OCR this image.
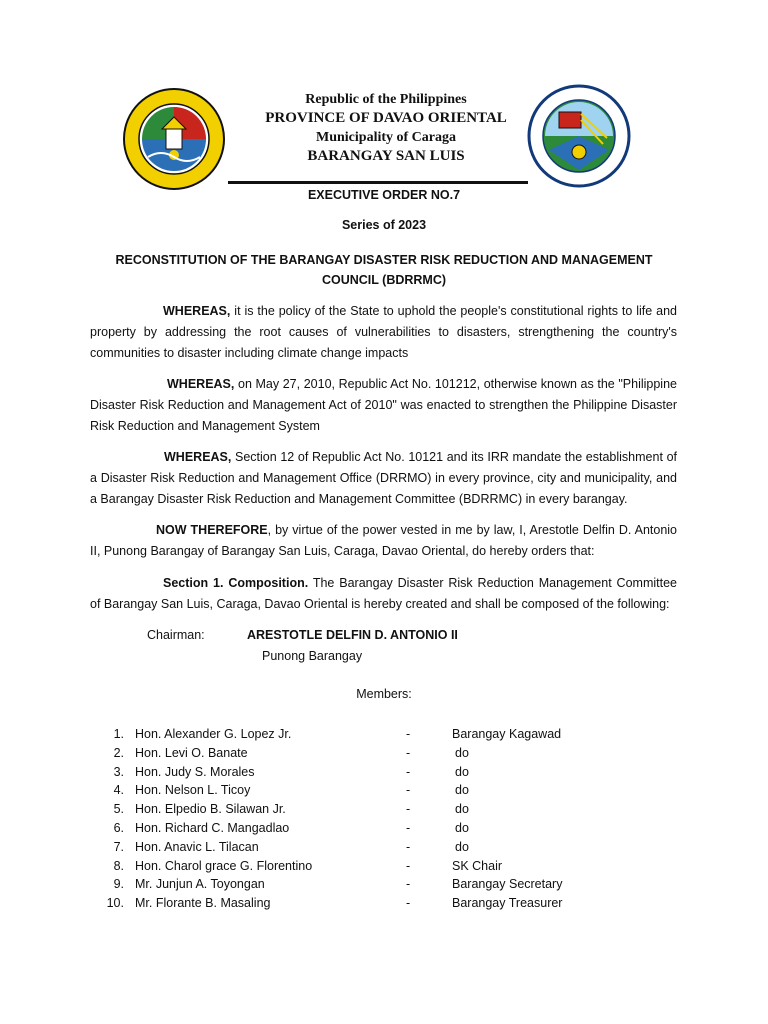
Republic of the Philippines
PROVINCE OF DAVAO ORIENTAL
Municipality of Caraga
BARANGAY SAN LUIS
EXECUTIVE ORDER NO.7
Series of 2023
RECONSTITUTION OF THE BARANGAY DISASTER RISK REDUCTION AND MANAGEMENT COUNCIL (BDRRMC)
WHEREAS, it is the policy of the State to uphold the people's constitutional rights to life and property by addressing the root causes of vulnerabilities to disasters, strengthening the country's communities to disaster including climate change impacts
WHEREAS, on May 27, 2010, Republic Act No. 101212, otherwise known as the "Philippine Disaster Risk Reduction and Management Act of 2010" was enacted to strengthen the Philippine Disaster Risk Reduction and Management System
WHEREAS, Section 12 of Republic Act No. 10121 and its IRR mandate the establishment of a Disaster Risk Reduction and Management Office (DRRMO) in every province, city and municipality, and a Barangay Disaster Risk Reduction and Management Committee (BDRRMC) in every barangay.
NOW THEREFORE, by virtue of the power vested in me by law, I, Arestotle Delfin D. Antonio II, Punong Barangay of Barangay San Luis, Caraga, Davao Oriental, do hereby orders that:
Section 1. Composition. The Barangay Disaster Risk Reduction Management Committee of Barangay San Luis, Caraga, Davao Oriental is hereby created and shall be composed of the following:
Chairman:	ARESTOTLE DELFIN D. ANTONIO II
Punong Barangay
Members:
1. Hon. Alexander G. Lopez Jr.	-	Barangay Kagawad
2. Hon. Levi O. Banate	-	do
3. Hon. Judy S. Morales	-	do
4. Hon. Nelson L. Ticoy	-	do
5. Hon. Elpedio B. Silawan Jr.	-	do
6. Hon. Richard C. Mangadlao	-	do
7. Hon. Anavic L. Tilacan	-	do
8. Hon. Charol grace G. Florentino	-	SK Chair
9. Mr. Junjun A. Toyongan	-	Barangay Secretary
10. Mr. Florante B. Masaling	-	Barangay Treasurer
